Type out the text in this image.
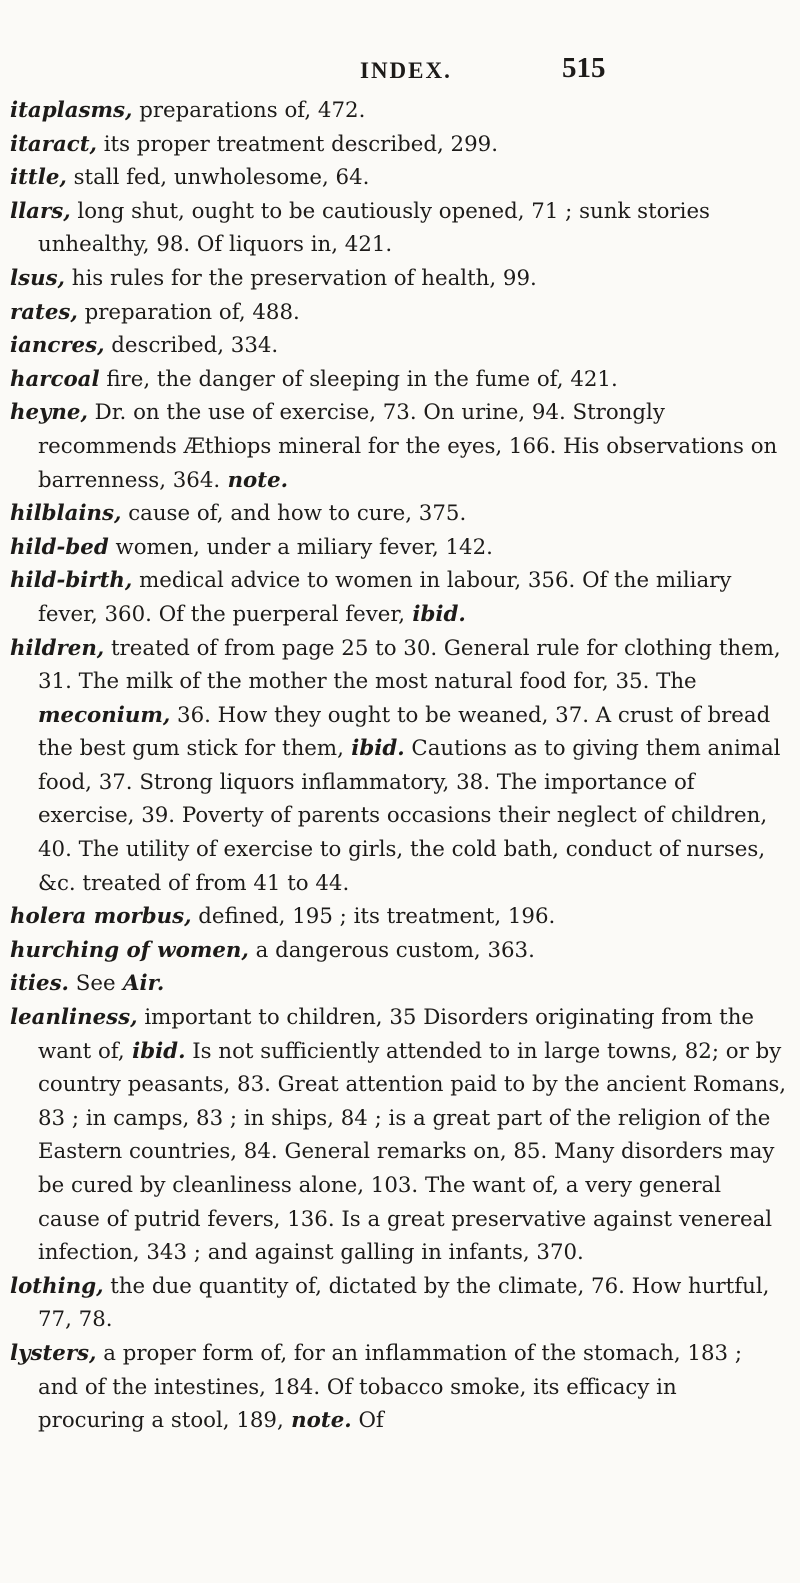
INDEX.	515

itaplasms, preparations of, 472.

itaract, its proper treatment described, 299.

ittle, stall fed, unwholesome, 64.

llars, long shut, ought to be cautiously opened, 71 ; sunk stories unhealthy, 98. Of liquors in, 421.

lsus, his rules for the preservation of health, 99.

rates, preparation of, 488.

iancres, described, 334.

harcoal fire, the danger of sleeping in the fume of, 421.

heyne, Dr. on the use of exercise, 73. On urine, 94. Strongly recommends Æthiops mineral for the eyes, 166. His observations on barrenness, 364. note.

hilblains, cause of, and how to cure, 375.

hild-bed women, under a miliary fever, 142.

hild-birth, medical advice to women in labour, 356. Of the miliary fever, 360. Of the puerperal fever, ibid.

hildren, treated of from page 25 to 30. General rule for clothing them, 31. The milk of the mother the most natural food for, 35. The meconium, 36. How they ought to be weaned, 37. A crust of bread the best gum stick for them, ibid. Cautions as to giving them animal food, 37. Strong liquors inflammatory, 38. The importance of exercise, 39. Poverty of parents occasions their neglect of children, 40. The utility of exercise to girls, the cold bath, conduct of nurses, &c. treated of from 41 to 44.

holera morbus, defined, 195 ; its treatment, 196.

hurching of women, a dangerous custom, 363.

ities. See Air.

leanliness, important to children, 35 Disorders originating from the want of, ibid. Is not sufficiently attended to in large towns, 82; or by country peasants, 83. Great attention paid to by the ancient Romans, 83 ; in camps, 83 ; in ships, 84 ; is a great part of the religion of the Eastern countries, 84. General remarks on, 85. Many disorders may be cured by cleanliness alone, 103. The want of, a very general cause of putrid fevers, 136. Is a great preservative against venereal infection, 343 ; and against galling in infants, 370.

lothing, the due quantity of, dictated by the climate, 76. How hurtful, 77, 78.

lysters, a proper form of, for an inflammation of the stomach, 183 ; and of the intestines, 184. Of tobacco smoke, its efficacy in procuring a stool, 189, note. Of
